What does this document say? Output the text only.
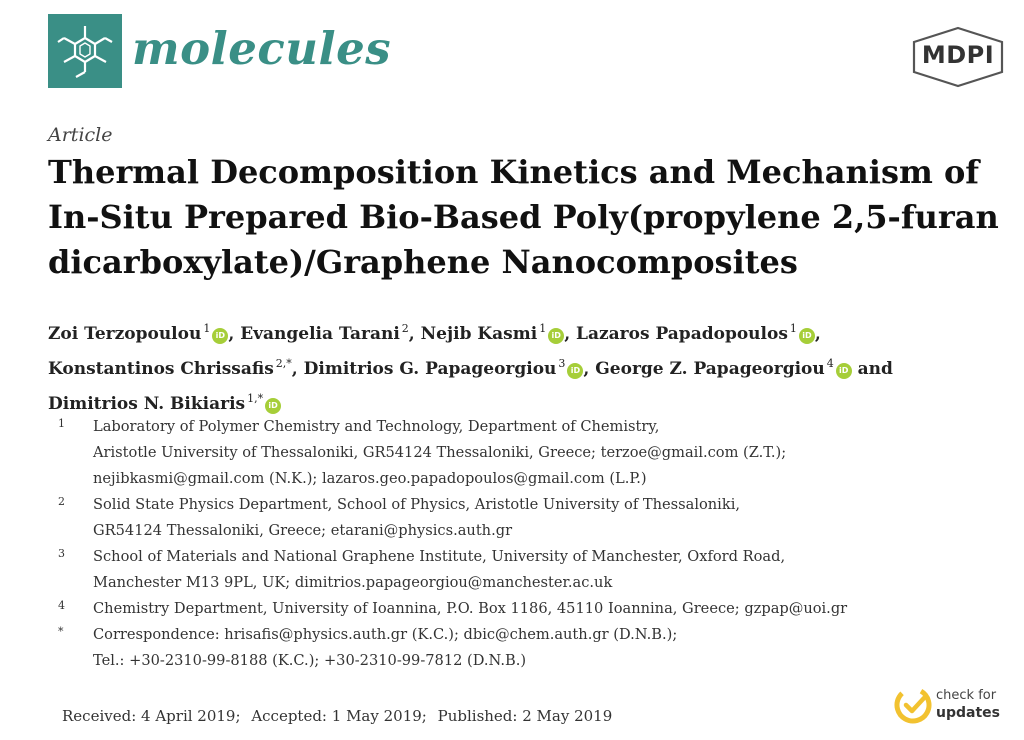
molecules	MDPI
Article
Thermal Decomposition Kinetics and Mechanism of
In-Situ Prepared Bio-Based Poly(propylene 2,5-furan
dicarboxylate)/Graphene Nanocomposites
Zoi Terzopoulou $^1$iD , Evangelia Tarani $^2$, Nejib Kasmi $^1$iD , Lazaros Papadopoulos $^1$iD ,
Konstantinos Chrissafis $^{2,*}$, Dimitrios G. Papageorgiou $^3$iD , George Z. Papageorgiou $^4$iD and
Dimitrios N. Bikiaris $^{1,*}$iD
1 Laboratory of Polymer Chemistry and Technology, Department of Chemistry,
Aristotle University of Thessaloniki, GR54124 Thessaloniki, Greece; terzoe@gmail.com (Z.T.);
nejibkasmi@gmail.com (N.K.); lazaros.geo.papadopoulos@gmail.com (L.P.)
2 Solid State Physics Department, School of Physics, Aristotle University of Thessaloniki,
GR54124 Thessaloniki, Greece; etarani@physics.auth.gr
3 School of Materials and National Graphene Institute, University of Manchester, Oxford Road,
Manchester M13 9PL, UK; dimitrios.papageorgiou@manchester.ac.uk
4 Chemistry Department, University of Ioannina, P.O. Box 1186, 45110 Ioannina, Greece; gzpap@uoi.gr
* Correspondence: hrisafis@physics.auth.gr (K.C.); dbic@chem.auth.gr (D.N.B.);
Tel.: +30-2310-99-8188 (K.C.); +30-2310-99-7812 (D.N.B.)
Received: 4 April 2019; Accepted: 1 May 2019; Published: 2 May 2019
check for
updates
